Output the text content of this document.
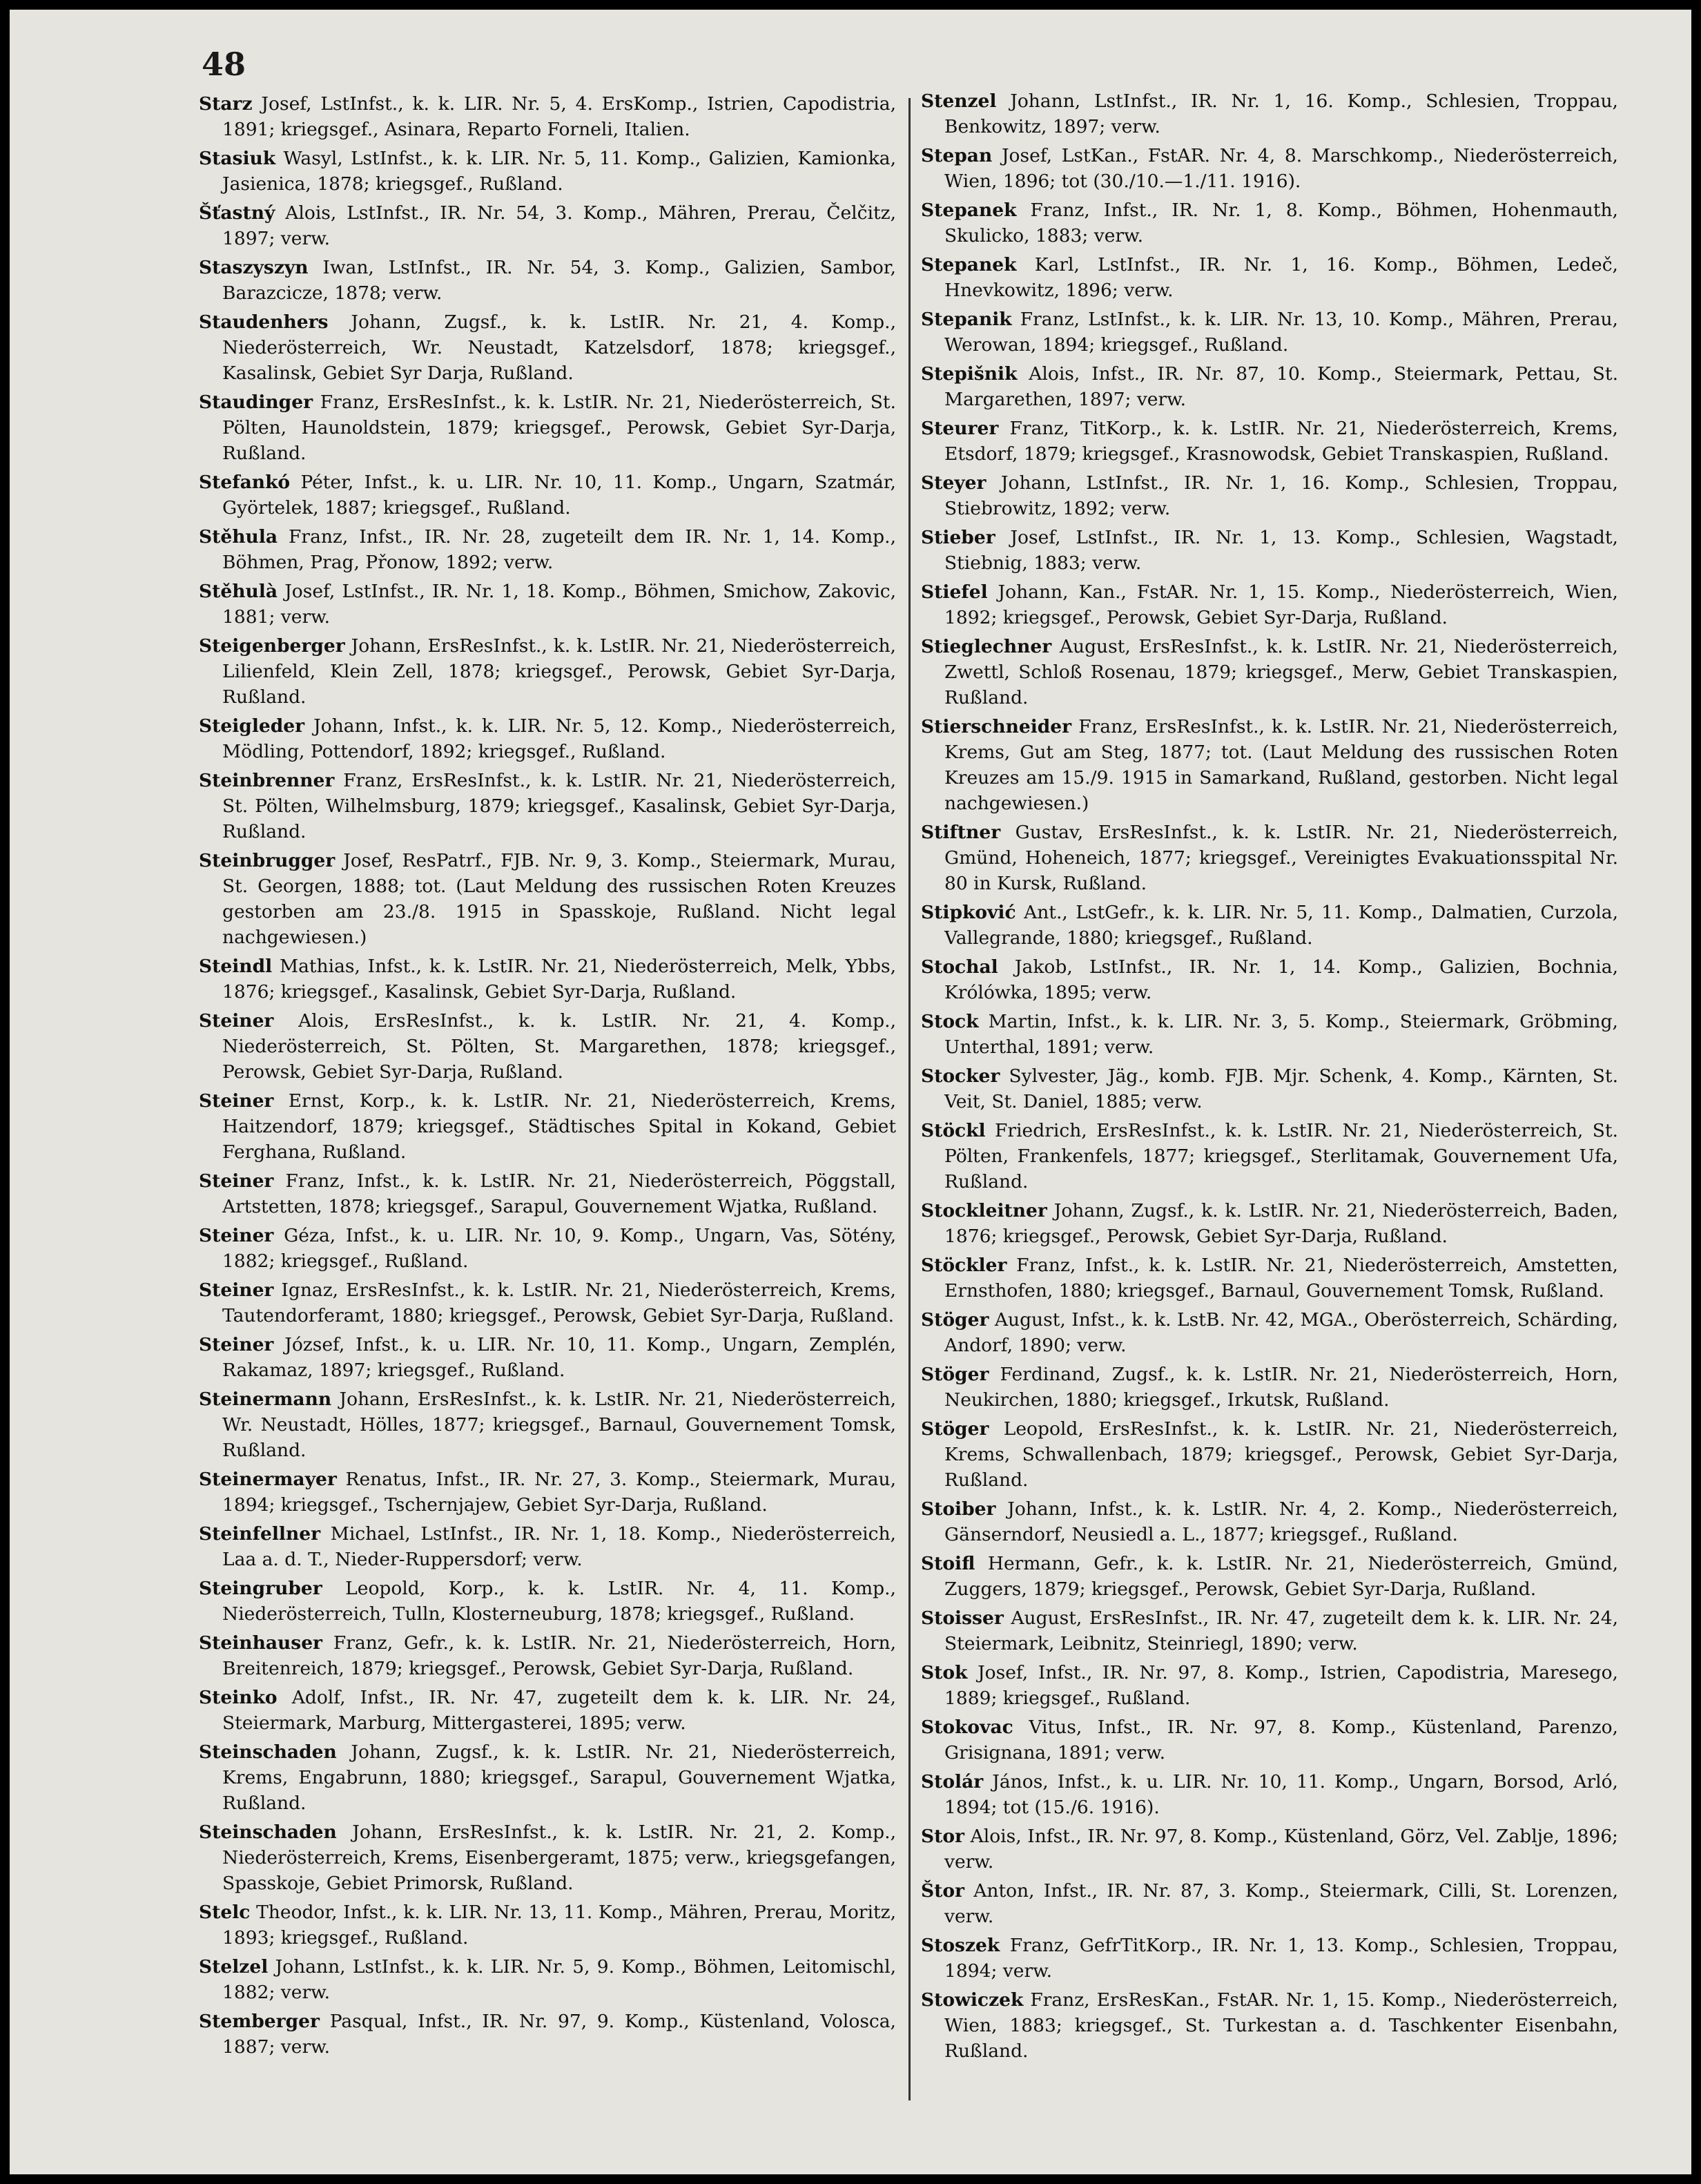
48
Starz Josef, LstInfst., k. k. LIR. Nr. 5, 4. ErsKomp., Istrien, Capodistria, 1891; kriegsgef., Asinara, Reparto Forneli, Italien.
Stasiuk Wasyl, LstInfst., k. k. LIR. Nr. 5, 11. Komp., Galizien, Kamionka, Jasienica, 1878; kriegsgef., Rußland.
Šťastný Alois, LstInfst., IR. Nr. 54, 3. Komp., Mähren, Prerau, Čelčitz, 1897; verw.
Staszyszyn Iwan, LstInfst., IR. Nr. 54, 3. Komp., Galizien, Sambor, Barazcicze, 1878; verw.
Staudenhers Johann, Zugsf., k. k. LstIR. Nr. 21, 4. Komp., Niederösterreich, Wr. Neustadt, Katzelsdorf, 1878; kriegsgef., Kasalinsk, Gebiet Syr Darja, Rußland.
Staudinger Franz, ErsResInfst., k. k. LstIR. Nr. 21, Niederösterreich, St. Pölten, Haunoldstein, 1879; kriegsgef., Perowsk, Gebiet Syr-Darja, Rußland.
Stefankó Péter, Infst., k. u. LIR. Nr. 10, 11. Komp., Ungarn, Szatmár, Györtelek, 1887; kriegsgef., Rußland.
Stěhula Franz, Infst., IR. Nr. 28, zugeteilt dem IR. Nr. 1, 14. Komp., Böhmen, Prag, Přonow, 1892; verw.
Stěhulà Josef, LstInfst., IR. Nr. 1, 18. Komp., Böhmen, Smichow, Zakovic, 1881; verw.
Steigenberger Johann, ErsResInfst., k. k. LstIR. Nr. 21, Niederösterreich, Lilienfeld, Klein Zell, 1878; kriegsgef., Perowsk, Gebiet Syr-Darja, Rußland.
Steigleder Johann, Infst., k. k. LIR. Nr. 5, 12. Komp., Niederösterreich, Mödling, Pottendorf, 1892; kriegsgef., Rußland.
Steinbrenner Franz, ErsResInfst., k. k. LstIR. Nr. 21, Niederösterreich, St. Pölten, Wilhelmsburg, 1879; kriegsgef., Kasalinsk, Gebiet Syr-Darja, Rußland.
Steinbrugger Josef, ResPatrf., FJB. Nr. 9, 3. Komp., Steiermark, Murau, St. Georgen, 1888; tot. (Laut Meldung des russischen Roten Kreuzes gestorben am 23./8. 1915 in Spasskoje, Rußland. Nicht legal nachgewiesen.)
Steindl Mathias, Infst., k. k. LstIR. Nr. 21, Niederösterreich, Melk, Ybbs, 1876; kriegsgef., Kasalinsk, Gebiet Syr-Darja, Rußland.
Steiner Alois, ErsResInfst., k. k. LstIR. Nr. 21, 4. Komp., Niederösterreich, St. Pölten, St. Margarethen, 1878; kriegsgef., Perowsk, Gebiet Syr-Darja, Rußland.
Steiner Ernst, Korp., k. k. LstIR. Nr. 21, Niederösterreich, Krems, Haitzendorf, 1879; kriegsgef., Städtisches Spital in Kokand, Gebiet Ferghana, Rußland.
Steiner Franz, Infst., k. k. LstIR. Nr. 21, Niederösterreich, Pöggstall, Artstetten, 1878; kriegsgef., Sarapul, Gouvernement Wjatka, Rußland.
Steiner Géza, Infst., k. u. LIR. Nr. 10, 9. Komp., Ungarn, Vas, Sötény, 1882; kriegsgef., Rußland.
Steiner Ignaz, ErsResInfst., k. k. LstIR. Nr. 21, Niederösterreich, Krems, Tautendorferamt, 1880; kriegsgef., Perowsk, Gebiet Syr-Darja, Rußland.
Steiner József, Infst., k. u. LIR. Nr. 10, 11. Komp., Ungarn, Zemplén, Rakamaz, 1897; kriegsgef., Rußland.
Steinermann Johann, ErsResInfst., k. k. LstIR. Nr. 21, Niederösterreich, Wr. Neustadt, Hölles, 1877; kriegsgef., Barnaul, Gouvernement Tomsk, Rußland.
Steinermayer Renatus, Infst., IR. Nr. 27, 3. Komp., Steiermark, Murau, 1894; kriegsgef., Tschernjajew, Gebiet Syr-Darja, Rußland.
Steinfellner Michael, LstInfst., IR. Nr. 1, 18. Komp., Niederösterreich, Laa a. d. T., Nieder-Ruppersdorf; verw.
Steingruber Leopold, Korp., k. k. LstIR. Nr. 4, 11. Komp., Niederösterreich, Tulln, Klosterneuburg, 1878; kriegsgef., Rußland.
Steinhauser Franz, Gefr., k. k. LstIR. Nr. 21, Niederösterreich, Horn, Breitenreich, 1879; kriegsgef., Perowsk, Gebiet Syr-Darja, Rußland.
Steinko Adolf, Infst., IR. Nr. 47, zugeteilt dem k. k. LIR. Nr. 24, Steiermark, Marburg, Mittergasterei, 1895; verw.
Steinschaden Johann, Zugsf., k. k. LstIR. Nr. 21, Niederösterreich, Krems, Engabrunn, 1880; kriegsgef., Sarapul, Gouvernement Wjatka, Rußland.
Steinschaden Johann, ErsResInfst., k. k. LstIR. Nr. 21, 2. Komp., Niederösterreich, Krems, Eisenbergeramt, 1875; verw., kriegsgefangen, Spasskoje, Gebiet Primorsk, Rußland.
Stelc Theodor, Infst., k. k. LIR. Nr. 13, 11. Komp., Mähren, Prerau, Moritz, 1893; kriegsgef., Rußland.
Stelzel Johann, LstInfst., k. k. LIR. Nr. 5, 9. Komp., Böhmen, Leitomischl, 1882; verw.
Stemberger Pasqual, Infst., IR. Nr. 97, 9. Komp., Küstenland, Volosca, 1887; verw.
Stenzel Johann, LstInfst., IR. Nr. 1, 16. Komp., Schlesien, Troppau, Benkowitz, 1897; verw.
Stepan Josef, LstKan., FstAR. Nr. 4, 8. Marschkomp., Niederösterreich, Wien, 1896; tot (30./10.—1./11. 1916).
Stepanek Franz, Infst., IR. Nr. 1, 8. Komp., Böhmen, Hohenmauth, Skulicko, 1883; verw.
Stepanek Karl, LstInfst., IR. Nr. 1, 16. Komp., Böhmen, Ledeč, Hnevkowitz, 1896; verw.
Stepanik Franz, LstInfst., k. k. LIR. Nr. 13, 10. Komp., Mähren, Prerau, Werowan, 1894; kriegsgef., Rußland.
Stepišnik Alois, Infst., IR. Nr. 87, 10. Komp., Steiermark, Pettau, St. Margarethen, 1897; verw.
Steurer Franz, TitKorp., k. k. LstIR. Nr. 21, Niederösterreich, Krems, Etsdorf, 1879; kriegsgef., Krasnowodsk, Gebiet Transkaspien, Rußland.
Steyer Johann, LstInfst., IR. Nr. 1, 16. Komp., Schlesien, Troppau, Stiebrowitz, 1892; verw.
Stieber Josef, LstInfst., IR. Nr. 1, 13. Komp., Schlesien, Wagstadt, Stiebnig, 1883; verw.
Stiefel Johann, Kan., FstAR. Nr. 1, 15. Komp., Niederösterreich, Wien, 1892; kriegsgef., Perowsk, Gebiet Syr-Darja, Rußland.
Stieglechner August, ErsResInfst., k. k. LstIR. Nr. 21, Niederösterreich, Zwettl, Schloß Rosenau, 1879; kriegsgef., Merw, Gebiet Transkaspien, Rußland.
Stierschneider Franz, ErsResInfst., k. k. LstIR. Nr. 21, Niederösterreich, Krems, Gut am Steg, 1877; tot. (Laut Meldung des russischen Roten Kreuzes am 15./9. 1915 in Samarkand, Rußland, gestorben. Nicht legal nachgewiesen.)
Stiftner Gustav, ErsResInfst., k. k. LstIR. Nr. 21, Niederösterreich, Gmünd, Hoheneich, 1877; kriegsgef., Vereinigtes Evakuationsspital Nr. 80 in Kursk, Rußland.
Stipković Ant., LstGefr., k. k. LIR. Nr. 5, 11. Komp., Dalmatien, Curzola, Vallegrande, 1880; kriegsgef., Rußland.
Stochal Jakob, LstInfst., IR. Nr. 1, 14. Komp., Galizien, Bochnia, Królówka, 1895; verw.
Stock Martin, Infst., k. k. LIR. Nr. 3, 5. Komp., Steiermark, Gröbming, Unterthal, 1891; verw.
Stocker Sylvester, Jäg., komb. FJB. Mjr. Schenk, 4. Komp., Kärnten, St. Veit, St. Daniel, 1885; verw.
Stöckl Friedrich, ErsResInfst., k. k. LstIR. Nr. 21, Niederösterreich, St. Pölten, Frankenfels, 1877; kriegsgef., Sterlitamak, Gouvernement Ufa, Rußland.
Stockleitner Johann, Zugsf., k. k. LstIR. Nr. 21, Niederösterreich, Baden, 1876; kriegsgef., Perowsk, Gebiet Syr-Darja, Rußland.
Stöckler Franz, Infst., k. k. LstIR. Nr. 21, Niederösterreich, Amstetten, Ernsthofen, 1880; kriegsgef., Barnaul, Gouvernement Tomsk, Rußland.
Stöger August, Infst., k. k. LstB. Nr. 42, MGA., Oberösterreich, Schärding, Andorf, 1890; verw.
Stöger Ferdinand, Zugsf., k. k. LstIR. Nr. 21, Niederösterreich, Horn, Neukirchen, 1880; kriegsgef., Irkutsk, Rußland.
Stöger Leopold, ErsResInfst., k. k. LstIR. Nr. 21, Niederösterreich, Krems, Schwallenbach, 1879; kriegsgef., Perowsk, Gebiet Syr-Darja, Rußland.
Stoiber Johann, Infst., k. k. LstIR. Nr. 4, 2. Komp., Niederösterreich, Gänserndorf, Neusiedl a. L., 1877; kriegsgef., Rußland.
Stoifl Hermann, Gefr., k. k. LstIR. Nr. 21, Niederösterreich, Gmünd, Zuggers, 1879; kriegsgef., Perowsk, Gebiet Syr-Darja, Rußland.
Stoisser August, ErsResInfst., IR. Nr. 47, zugeteilt dem k. k. LIR. Nr. 24, Steiermark, Leibnitz, Steinriegl, 1890; verw.
Stok Josef, Infst., IR. Nr. 97, 8. Komp., Istrien, Capodistria, Maresego, 1889; kriegsgef., Rußland.
Stokovac Vitus, Infst., IR. Nr. 97, 8. Komp., Küstenland, Parenzo, Grisignana, 1891; verw.
Stolár János, Infst., k. u. LIR. Nr. 10, 11. Komp., Ungarn, Borsod, Arló, 1894; tot (15./6. 1916).
Stor Alois, Infst., IR. Nr. 97, 8. Komp., Küstenland, Görz, Vel. Zablje, 1896; verw.
Štor Anton, Infst., IR. Nr. 87, 3. Komp., Steiermark, Cilli, St. Lorenzen, verw.
Stoszek Franz, GefrTitKorp., IR. Nr. 1, 13. Komp., Schlesien, Troppau, 1894; verw.
Stowiczek Franz, ErsResKan., FstAR. Nr. 1, 15. Komp., Niederösterreich, Wien, 1883; kriegsgef., St. Turkestan a. d. Taschkenter Eisenbahn, Rußland.
